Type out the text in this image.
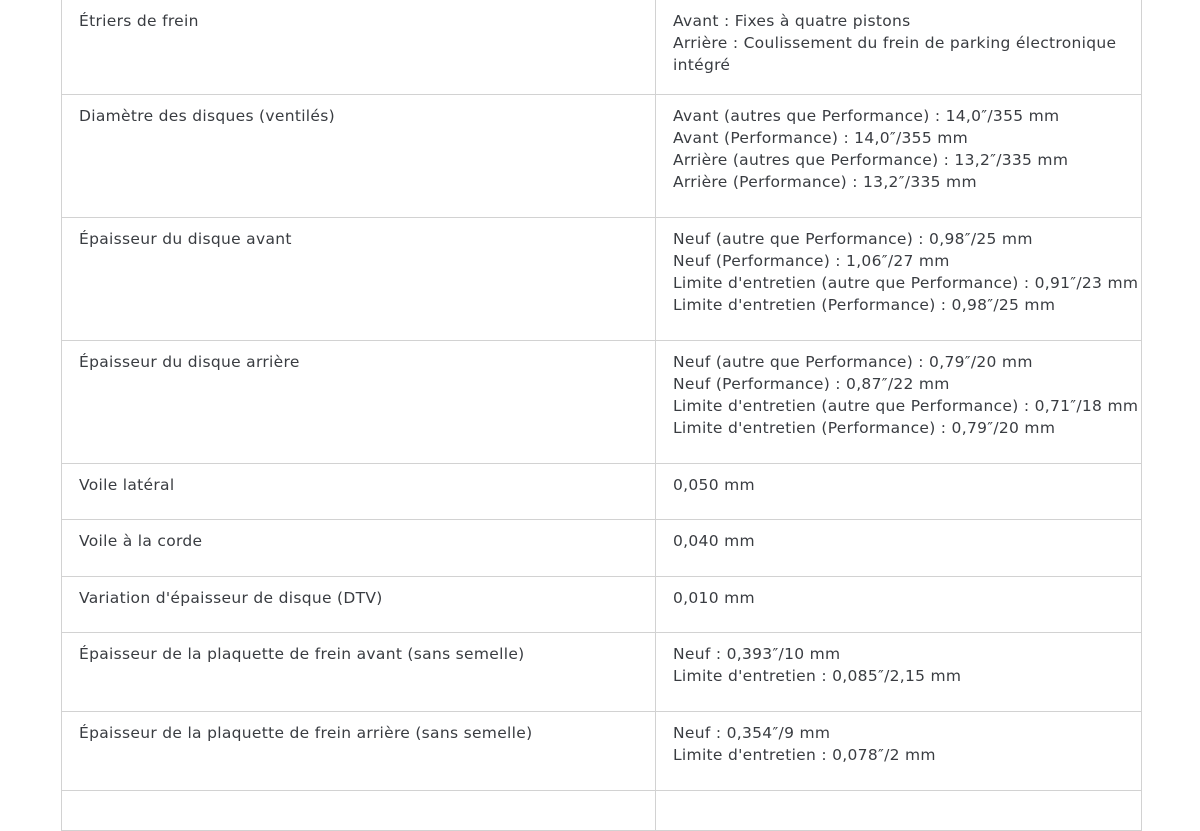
Étriers de frein	Avant : Fixes à quatre pistons
Arrière : Coulissement du frein de parking électronique intégré

Diamètre des disques (ventilés)	Avant (autres que Performance) : 14,0″/355 mm
Avant (Performance) : 14,0″/355 mm
Arrière (autres que Performance) : 13,2″/335 mm
Arrière (Performance) : 13,2″/335 mm

Épaisseur du disque avant	Neuf (autre que Performance) : 0,98″/25 mm
Neuf (Performance) : 1,06″/27 mm
Limite d'entretien (autre que Performance) : 0,91″/23 mm
Limite d'entretien (Performance) : 0,98″/25 mm

Épaisseur du disque arrière	Neuf (autre que Performance) : 0,79″/20 mm
Neuf (Performance) : 0,87″/22 mm
Limite d'entretien (autre que Performance) : 0,71″/18 mm
Limite d'entretien (Performance) : 0,79″/20 mm

Voile latéral	0,050 mm

Voile à la corde	0,040 mm

Variation d'épaisseur de disque (DTV)	0,010 mm

Épaisseur de la plaquette de frein avant (sans semelle)	Neuf : 0,393″/10 mm
Limite d'entretien : 0,085″/2,15 mm

Épaisseur de la plaquette de frein arrière (sans semelle)	Neuf : 0,354″/9 mm
Limite d'entretien : 0,078″/2 mm
